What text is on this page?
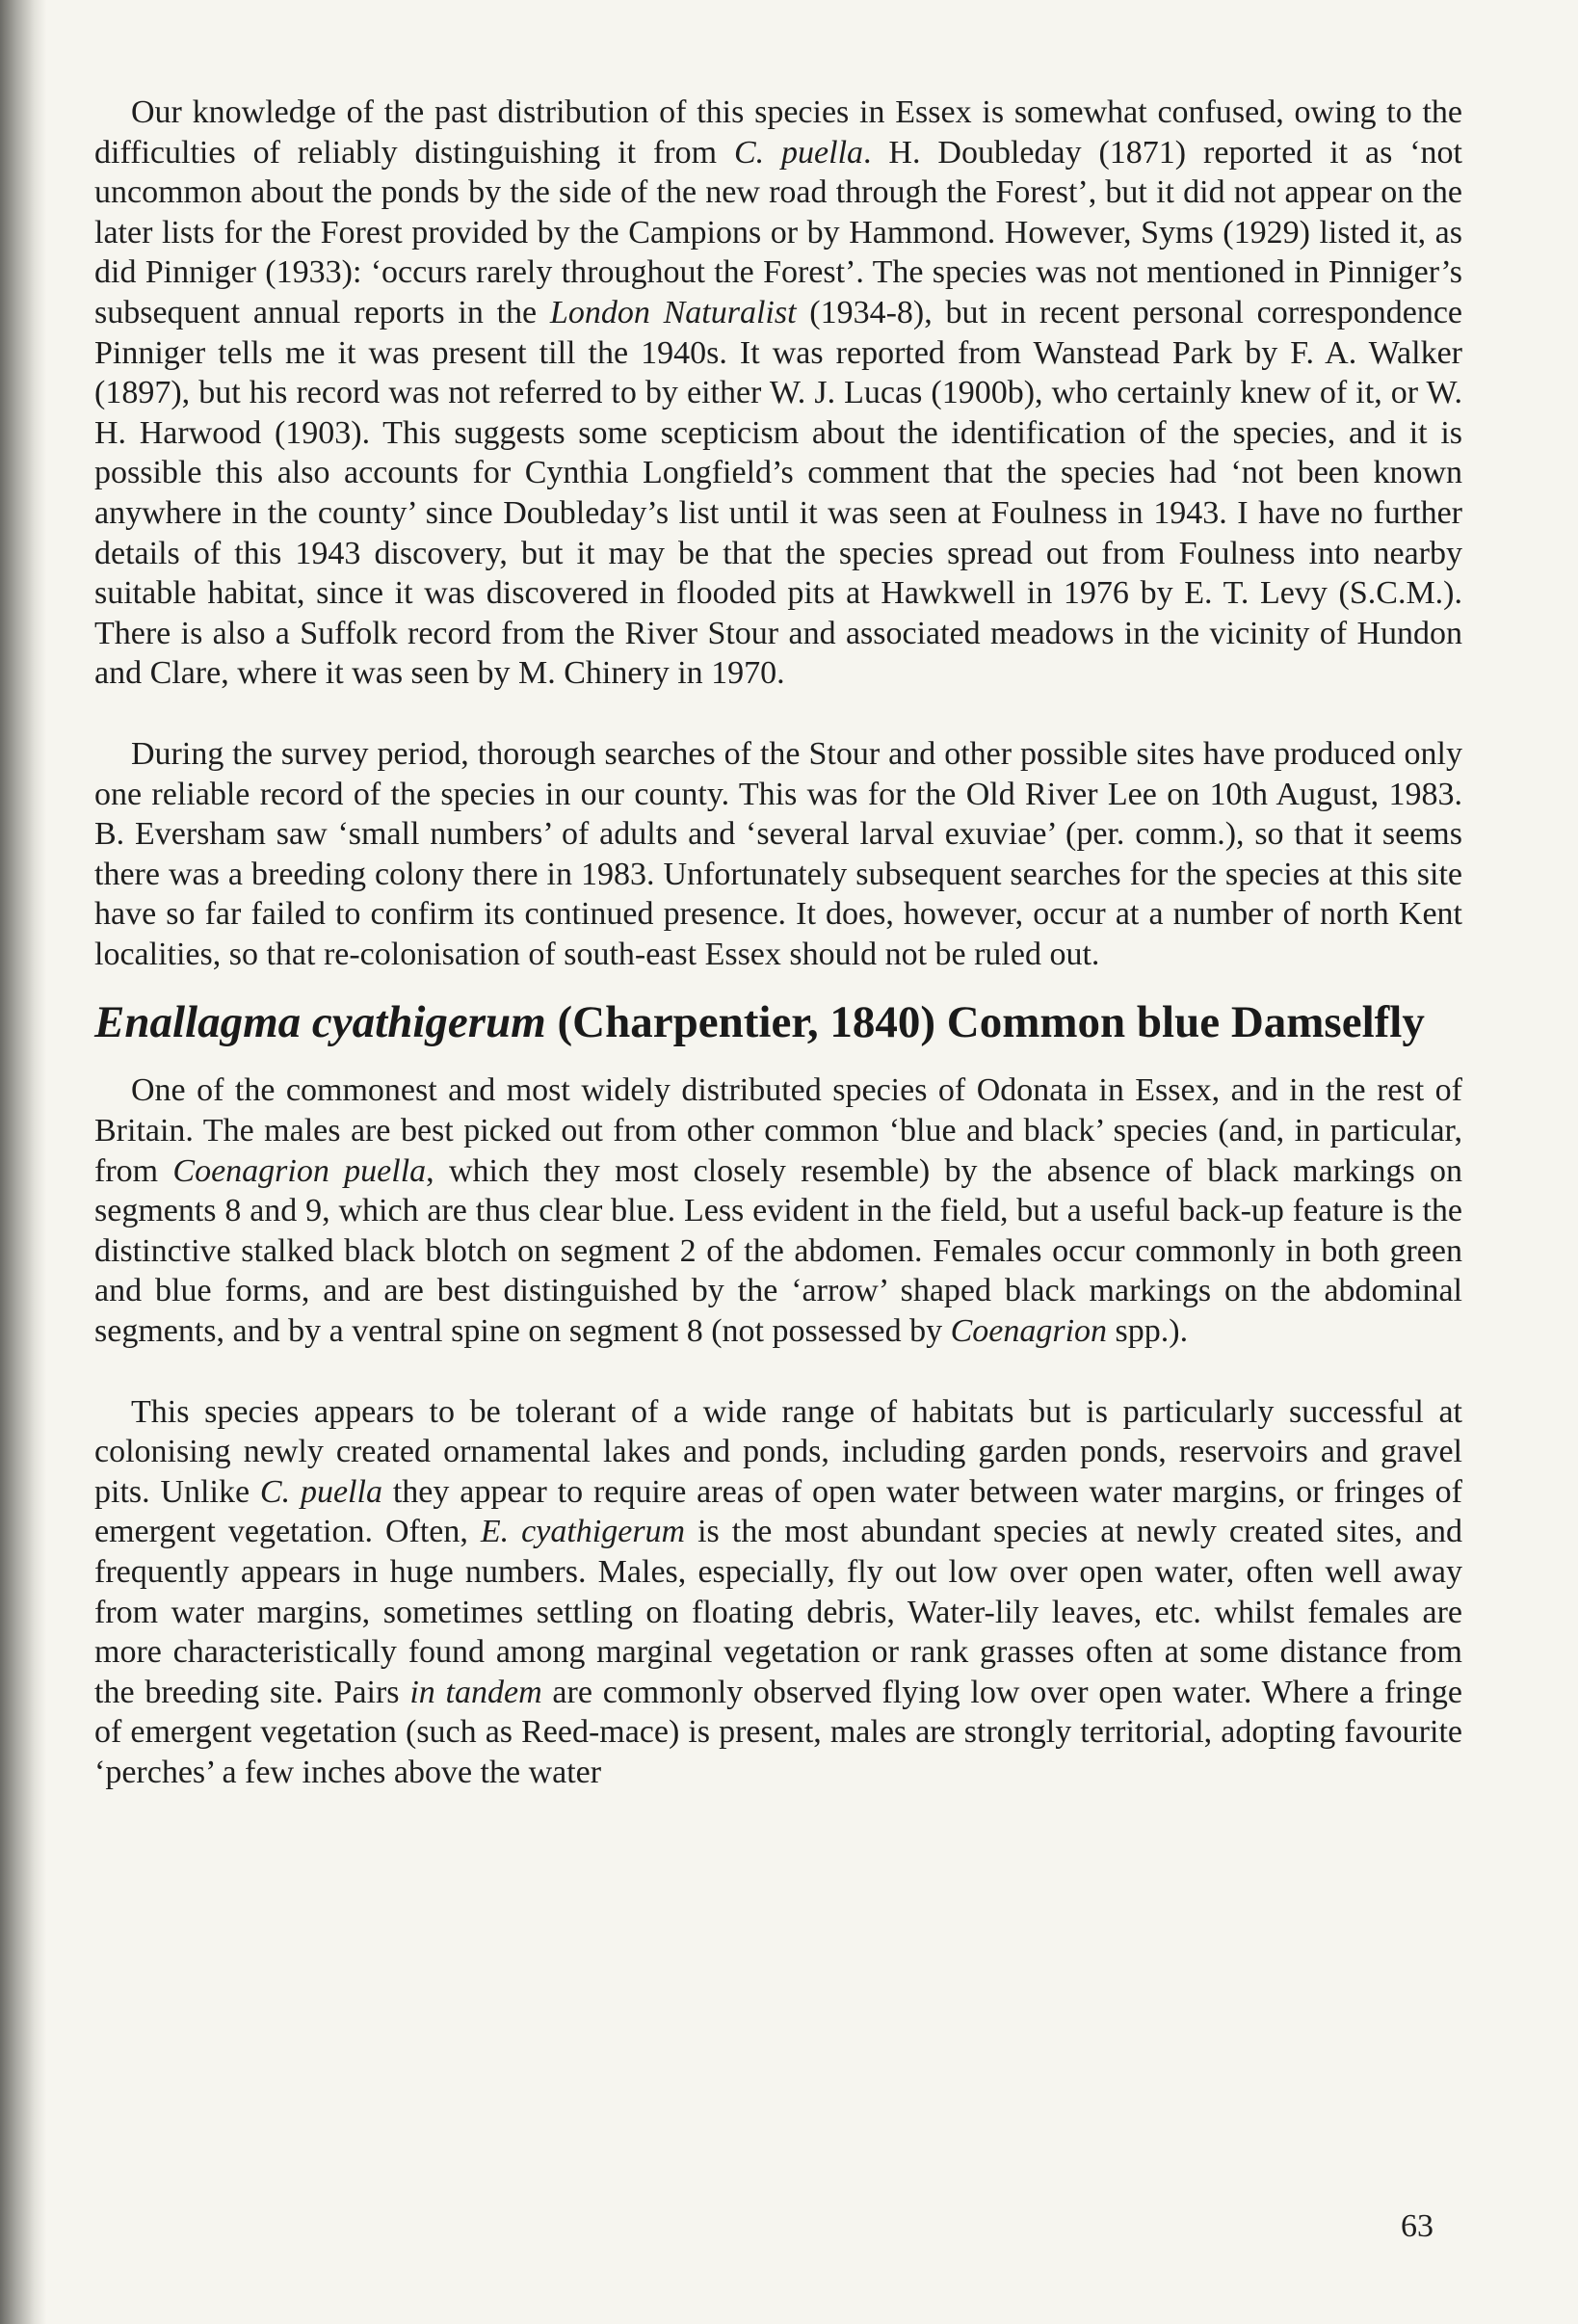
Our knowledge of the past distribution of this species in Essex is somewhat confused, owing to the difficulties of reliably distinguishing it from C. puella. H. Doubleday (1871) reported it as ‘not uncommon about the ponds by the side of the new road through the Forest’, but it did not appear on the later lists for the Forest provided by the Campions or by Hammond. However, Syms (1929) listed it, as did Pinniger (1933): ‘occurs rarely throughout the Forest’. The species was not mentioned in Pinniger’s subsequent annual reports in the London Naturalist (1934-8), but in recent personal correspondence Pinniger tells me it was present till the 1940s. It was reported from Wanstead Park by F. A. Walker (1897), but his record was not referred to by either W. J. Lucas (1900b), who certainly knew of it, or W. H. Harwood (1903). This suggests some scepticism about the identification of the species, and it is possible this also accounts for Cynthia Longfield’s comment that the species had ‘not been known anywhere in the county’ since Doubleday’s list until it was seen at Foulness in 1943. I have no further details of this 1943 discovery, but it may be that the species spread out from Foulness into nearby suitable habitat, since it was discovered in flooded pits at Hawkwell in 1976 by E. T. Levy (S.C.M.). There is also a Suffolk record from the River Stour and associated meadows in the vicinity of Hundon and Clare, where it was seen by M. Chinery in 1970.

During the survey period, thorough searches of the Stour and other possible sites have produced only one reliable record of the species in our county. This was for the Old River Lee on 10th August, 1983. B. Eversham saw ‘small numbers’ of adults and ‘several larval exuviae’ (per. comm.), so that it seems there was a breeding colony there in 1983. Unfortunately subsequent searches for the species at this site have so far failed to confirm its continued presence. It does, however, occur at a number of north Kent localities, so that re-colonisation of south-east Essex should not be ruled out.

Enallagma cyathigerum (Charpentier, 1840) Common blue Damselfly

One of the commonest and most widely distributed species of Odonata in Essex, and in the rest of Britain. The males are best picked out from other common ‘blue and black’ species (and, in particular, from Coenagrion puella, which they most closely resemble) by the absence of black markings on segments 8 and 9, which are thus clear blue. Less evident in the field, but a useful back-up feature is the distinctive stalked black blotch on segment 2 of the abdomen. Females occur commonly in both green and blue forms, and are best distinguished by the ‘arrow’ shaped black markings on the abdominal segments, and by a ventral spine on segment 8 (not possessed by Coenagrion spp.).

This species appears to be tolerant of a wide range of habitats but is particularly successful at colonising newly created ornamental lakes and ponds, including garden ponds, reservoirs and gravel pits. Unlike C. puella they appear to require areas of open water between water margins, or fringes of emergent vegetation. Often, E. cyathigerum is the most abundant species at newly created sites, and frequently appears in huge numbers. Males, especially, fly out low over open water, often well away from water margins, sometimes settling on floating debris, Water-lily leaves, etc. whilst females are more characteristically found among marginal vegetation or rank grasses often at some distance from the breeding site. Pairs in tandem are commonly observed flying low over open water. Where a fringe of emergent vegetation (such as Reed-mace) is present, males are strongly territorial, adopting favourite ‘perches’ a few inches above the water

63
